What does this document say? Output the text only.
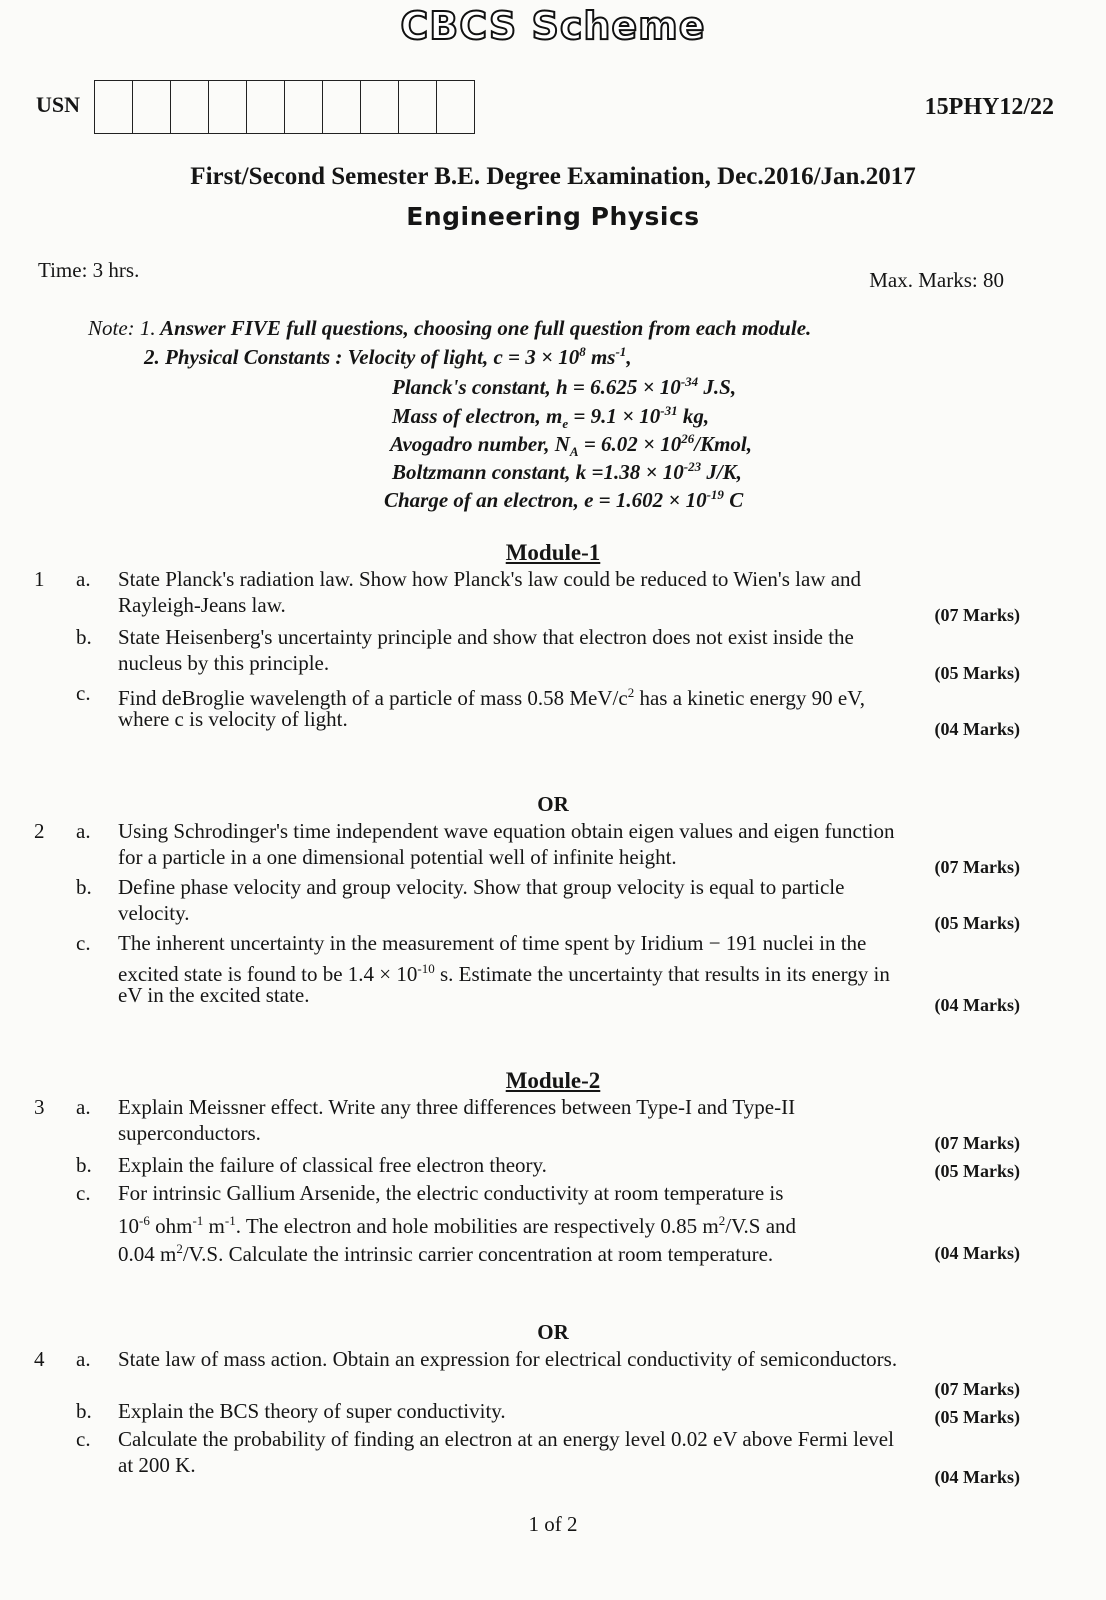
CBCS Scheme
USN	15PHY12/22
First/Second Semester B.E. Degree Examination, Dec.2016/Jan.2017
Engineering Physics
Time: 3 hrs.	Max. Marks: 80
Note: 1. Answer FIVE full questions, choosing one full question from each module.
2. Physical Constants : Velocity of light, $c = 3 \times 10^8$ $ms^{-1}$,
Planck's constant, $h = 6.625 \times 10^{-34}$ J.S,
Mass of electron, $m_e = 9.1 \times 10^{-31}$ kg,
Avogadro number, $N_A = 6.02$ × $10^{26}$/Kmol,
Boltzmann constant, $k =1.38 \times 10^{-23}$ J/K,
Charge of an electron, $e = 1.602 \times 10^{-19}$ C
Module-1
1 a. State Planck's radiation law. Show how Planck's law could be reduced to Wien's law and
Rayleigh-Jeans law.	(07 Marks)
b. State Heisenberg's uncertainty principle and show that electron does not exist inside the
nucleus by this principle.	(05 Marks)
c. Find deBroglie wavelength of a particle of mass 0.58 MeV/$c^2$ has a kinetic energy 90 eV,
where c is velocity of light.	(04 Marks)
OR
2 a. Using Schrodinger's time independent wave equation obtain eigen values and eigen function
for a particle in a one dimensional potential well of infinite height.	(07 Marks)
b. Define phase velocity and group velocity. Show that group velocity is equal to particle
velocity.	(05 Marks)
c. The inherent uncertainty in the measurement of time spent by Iridium − 191 nuclei in the
excited state is found to be $1.4 \times 10^{-10}$ s. Estimate the uncertainty that results in its energy in
eV in the excited state.	(04 Marks)
Module-2
3 a. Explain Meissner effect. Write any three differences between Type-I and Type-II
superconductors.	(07 Marks)
b. Explain the failure of classical free electron theory.	(05 Marks)
c. For intrinsic Gallium Arsenide, the electric conductivity at room temperature is
$10^{-6}$ ohm$^{-1}$ $m^{-1}$. The electron and hole mobilities are respectively 0.85 $m^2/V.S$ and
0.04 $m^2/V.S$. Calculate the intrinsic carrier concentration at room temperature.	(04 Marks)
OR
4 a. State law of mass action. Obtain an expression for electrical conductivity of semiconductors.
(07 Marks)
b. Explain the BCS theory of super conductivity.	(05 Marks)
c. Calculate the probability of finding an electron at an energy level 0.02 eV above Fermi level
at 200 K.	(04 Marks)
1 of 2
